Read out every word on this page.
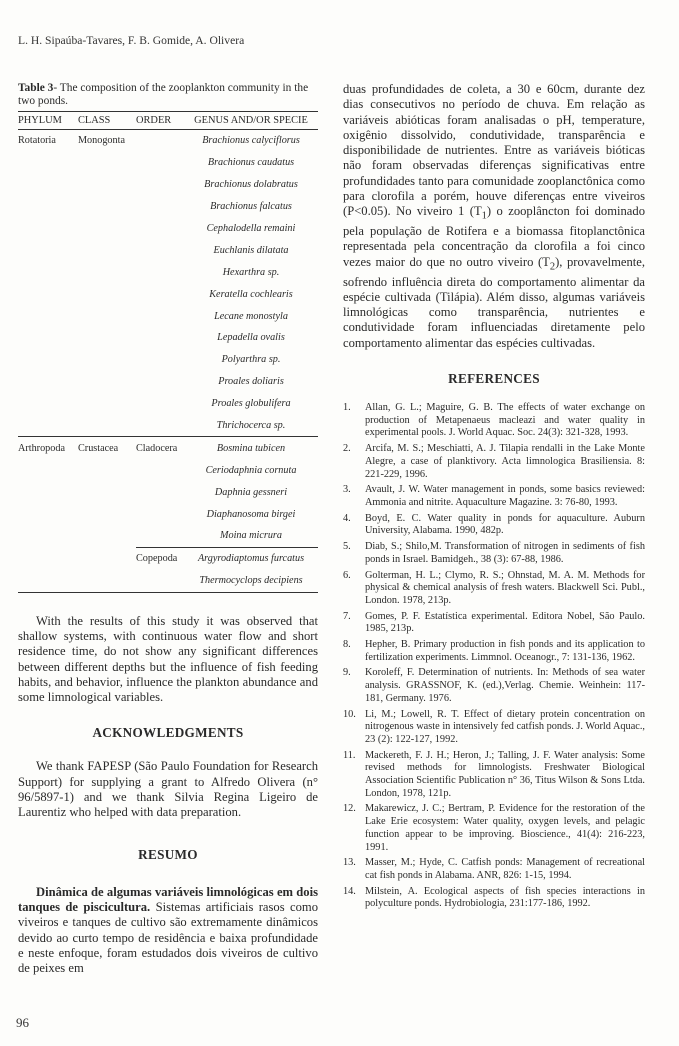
L. H. Sipaúba-Tavares, F. B. Gomide, A. Olivera
Table 3- The composition of the zooplankton community in the two ponds.
PHYLUM	CLASS	ORDER	GENUS AND/OR SPECIE
Rotatoria	Monogonta		Brachionus calyciflorus
			Brachionus caudatus
			Brachionus dolabratus
			Brachionus falcatus
			Cephalodella remaini
			Euchlanis dilatata
			Hexarthra sp.
			Keratella cochlearis
			Lecane monostyla
			Lepadella ovalis
			Polyarthra sp.
			Proales doliaris
			Proales globulifera
			Thrichocerca sp.
Arthropoda	Crustacea	Cladocera	Bosmina tubicen
			Ceriodaphnia cornuta
			Daphnia gessneri
			Diaphanosoma birgei
			Moina micrura
		Copepoda	Argyrodiaptomus furcatus
			Thermocyclops decipiens

With the results of this study it was observed that shallow systems, with continuous water flow and short residence time, do not show any significant differences between different depths but the influence of fish feeding habits, and behavior, influence the plankton abundance and some limnological variables.

ACKNOWLEDGMENTS

We thank FAPESP (São Paulo Foundation for Research Support) for supplying a grant to Alfredo Olivera (n° 96/5897-1) and we thank Silvia Regina Ligeiro de Laurentiz who helped with data preparation.

RESUMO

Dinâmica de algumas variáveis limnológicas em dois tanques de piscicultura. Sistemas artificiais rasos como viveiros e tanques de cultivo são extremamente dinâmicos devido ao curto tempo de residência e baixa profundidade e neste enfoque, foram estudados dois viveiros de cultivo de peixes em

duas profundidades de coleta, a 30 e 60cm, durante dez dias consecutivos no período de chuva. Em relação as variáveis abióticas foram analisadas o pH, temperature, oxigênio dissolvido, condutividade, transparência e disponibilidade de nutrientes. Entre as variáveis bióticas não foram observadas diferenças significativas entre profundidades tanto para comunidade zooplanctônica como para clorofila a porém, houve diferenças entre viveiros (P<0.05). No viveiro 1 $(T_1)$ o zooplâncton foi dominado pela população de Rotifera e a biomassa fitoplanctônica representada pela concentração da clorofila a foi cinco vezes maior do que no outro viveiro $(T_2)$, provavelmente, sofrendo influência direta do comportamento alimentar da espécie cultivada (Tilápia). Além disso, algumas variáveis limnológicas como transparência, nutrientes e condutividade foram influenciadas diretamente pelo comportamento alimentar das espécies cultivadas.

REFERENCES
1.	Allan, G. L.; Maguire, G. B. The effects of water exchange on production of Metapenaeus macleazi and water quality in experimental pools. J. World Aquac. Soc. 24(3): 321-328, 1993.
2.	Arcifa, M. S.; Meschiatti, A. J. Tilapia rendalli in the Lake Monte Alegre, a case of planktivory. Acta limnologica Brasiliensia. 8: 221-229, 1996.
3.	Avault, J. W. Water management in ponds, some basics reviewed: Ammonia and nitrite. Aquaculture Magazine. 3: 76-80, 1993.
4.	Boyd, E. C. Water quality in ponds for aquaculture. Auburn University, Alabama. 1990, 482p.
5.	Diab, S.; Shilo,M. Transformation of nitrogen in sediments of fish ponds in Israel. Bamidgeh., 38 (3): 67-88, 1986.
6.	Golterman, H. L.; Clymo, R. S.; Ohnstad, M. A. M. Methods for physical & chemical analysis of fresh waters. Blackwell Sci. Publ., London. 1978, 213p.
7.	Gomes, P. F. Estatística experimental. Editora Nobel, São Paulo. 1985, 213p.
8.	Hepher, B. Primary production in fish ponds and its application to fertilization experiments. Limmnol. Oceanogr., 7: 131-136, 1962.
9.	Koroleff, F. Determination of nutrients. In: Methods of sea water analysis. GRASSNOF, K. (ed.),Verlag. Chemie. Weinhein: 117-181, Germany. 1976.
10. Li, M.; Lowell, R. T. Effect of dietary protein concentration on nitrogenous waste in intensively fed catfish ponds. J. World Aquac., 23 (2): 122-127, 1992.
11. Mackereth, F. J. H.; Heron, J.; Talling, J. F. Water analysis: Some revised methods for limnologists. Freshwater Biological Association Scientific Publication n° 36, Titus Wilson & Sons Ltda. London, 1978, 121p.
12. Makarewicz, J. C.; Bertram, P. Evidence for the restoration of the Lake Erie ecosystem: Water quality, oxygen levels, and pelagic function appear to be improving. Bioscience., 41(4): 216-223, 1991.
13. Masser, M.; Hyde, C. Catfish ponds: Management of recreational cat fish ponds in Alabama. ANR, 826: 1-15, 1994.
14. Milstein, A. Ecological aspects of fish species interactions in polyculture ponds. Hydrobiologia, 231:177-186, 1992.
96
